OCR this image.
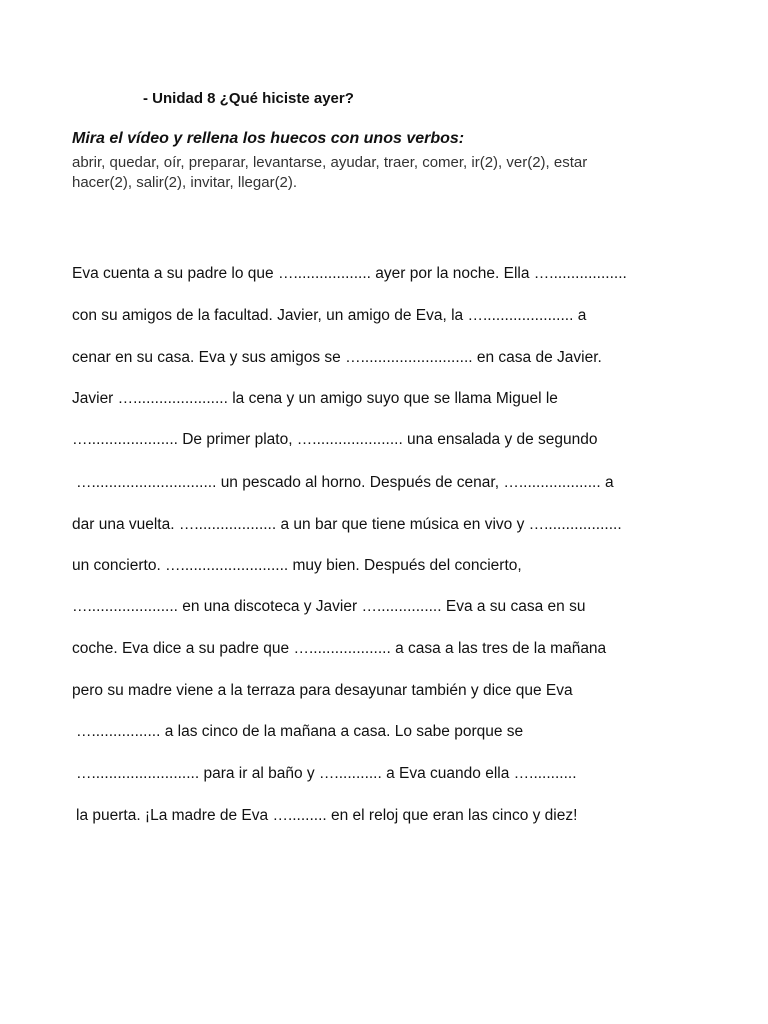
- Unidad 8 ¿Qué hiciste ayer?
Mira el vídeo y rellena los huecos con unos verbos:
abrir, quedar, oír, preparar, levantarse, ayudar, traer, comer, ir(2), ver(2), estar
hacer(2), salir(2), invitar, llegar(2).
Eva cuenta a su padre lo que ….................. ayer por la noche. Ella …..................
con su amigos de la facultad. Javier, un amigo de Eva, la …..................... a
cenar en su casa. Eva y sus amigos se ….......................... en casa de Javier.
Javier …...................... la cena y un amigo suyo que se llama Miguel le
…..................... De primer plato, …..................... una ensalada y de segundo
…............................. un pescado al horno. Después de cenar, …................... a
dar una vuelta. …................... a un bar que tiene música en vivo y …..................
un concierto. …......................... muy bien. Después del concierto,
…..................... en una discoteca y Javier …............... Eva a su casa en su
coche. Eva dice a su padre que …................... a casa a las tres de la mañana
pero su madre viene a la terraza para desayunar también y dice que Eva
…................ a las cinco de la mañana a casa. Lo sabe porque se
…......................... para ir al baño y …........... a Eva cuando ella …...........
la puerta. ¡La madre de Eva …......... en el reloj que eran las cinco y diez!
